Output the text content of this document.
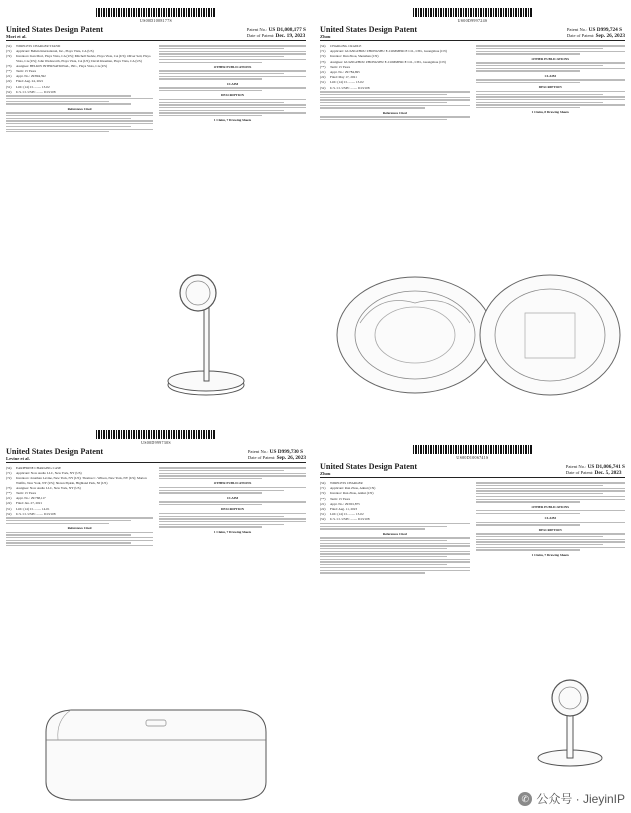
US00D1008177S
United States Design Patent
Mori et al.
Patent No.: US D1,008,177 S
Date of Patent: Dec. 19, 2023
(54)	WIRELESS CHARGER STAND
(71)	Applicant: Belkin International, Inc., Playa Vista, CA (US)
(72)	Inventors: Ken Mori, Playa Vista, CA (US); Mitchell Suckle, Playa Vista, CA (US); Oliver Seil, Playa Vista, CA (US); John Wadsworth, Playa Vista, CA (US); David Kleeman, Playa Vista, CA (US)
(73)	Assignee: BELKIN INTERNATIONAL, INC., Playa Vista, CA (US)
(**)	Term: 15 Years
(21)	Appl. No.: 29/894,592
(22)	Filed: Aug. 24, 2021
(51)	LOC (14) Cl. ........ 13-02
(52)	U.S. Cl. USPC ........ D13/108
References Cited
OTHER PUBLICATIONS
CLAIM
DESCRIPTION
1 Claim, 7 Drawing Sheets
US00D999724S
United States Design Patent
Zhou
Patent No.: US D999,724 S
Date of Patent: Sep. 26, 2023
(54)	CHARGING CRADLE
(71)	Applicant: GUANGZHOU ZHONGSHU E-COMMERCE CO., LTD., Guangzhou (CN)
(72)	Inventor: Dun Zhou, Shenzhen (CN)
(73)	Assignee: GUANGZHOU ZHONGSHU E-COMMERCE CO., LTD., Guangzhou (CN)
(**)	Term: 15 Years
(21)	Appl. No.: 29/784,695
(22)	Filed: May 17, 2021
(51)	LOC (14) Cl. ........ 13-02
(52)	U.S. Cl. USPC ........ D13/108
References Cited
OTHER PUBLICATIONS
CLAIM
DESCRIPTION
1 Claim, 8 Drawing Sheets
US00D999730S
United States Design Patent
Levine et al.
Patent No.: US D999,730 S
Date of Patent: Sep. 26, 2023
(54)	EARPHONE CHARGING CASE
(71)	Applicant: Now Audio LLC, New York, NY (US)
(72)	Inventors: Jonathan Levine, New York, NY (US); Thomas C. Wilson, New York, NY (US); Marton Walfils, New York, NY (US); Shawn Pipkin, Highland Park, NJ (US)
(73)	Assignee: Now Audio LLC, New York, NY (US)
(**)	Term: 15 Years
(21)	Appl. No.: 29/768,117
(22)	Filed: Jan. 27, 2021
(51)	LOC (14) Cl. ........ 14-01
(52)	U.S. Cl. USPC ........ D13/108
References Cited
OTHER PUBLICATIONS
CLAIM
DESCRIPTION
1 Claim, 7 Drawing Sheets
US00D1006741S
United States Design Patent
Zhou
Patent No.: US D1,006,741 S
Date of Patent: Dec. 5, 2023
(54)	WIRELESS CHARGER
(71)	Applicant: Run Zhou, Anhui (CN)
(72)	Inventor: Run Zhou, Anhui (CN)
(**)	Term: 15 Years
(21)	Appl. No.: 29/901,875
(22)	Filed: Aug. 11, 2023
(51)	LOC (14) Cl. ........ 13-02
(52)	U.S. Cl. USPC ........ D13/108
References Cited
OTHER PUBLICATIONS
CLAIM
DESCRIPTION
1 Claim, 7 Drawing Sheets
✆ 公众号 · JieyinIP
